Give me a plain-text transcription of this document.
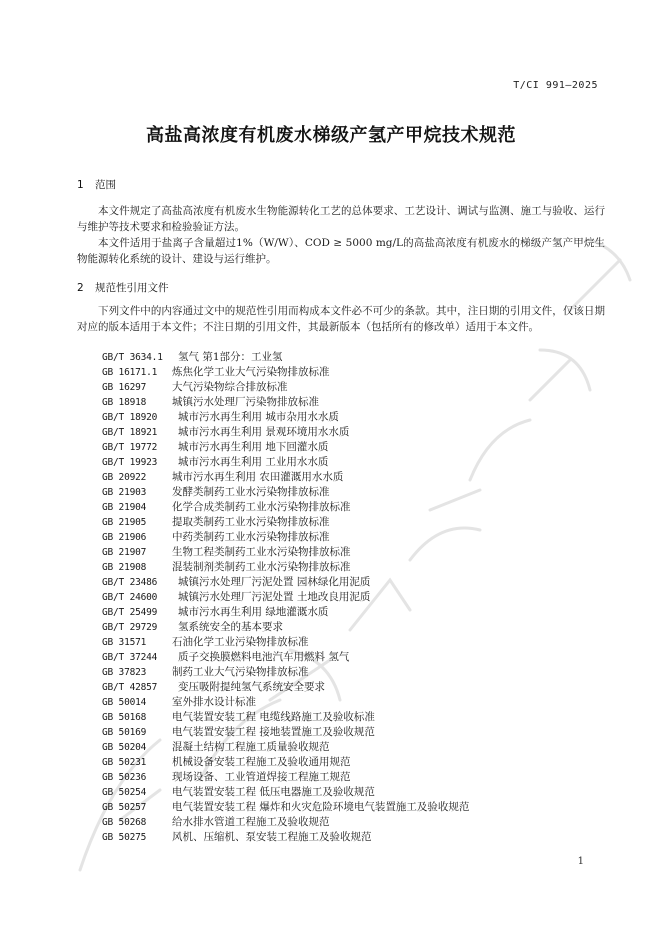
T/CI 991—2025
高盐高浓度有机废水梯级产氢产甲烷技术规范
1 范围

本文件规定了高盐高浓度有机废水生物能源转化工艺的总体要求、工艺设计、调试与监测、施工与验收、运行与维护等技术要求和检验验证方法。

本文件适用于盐离子含量超过1%（W/W）、COD ≥ 5000 mg/L的高盐高浓度有机废水的梯级产氢产甲烷生物能源转化系统的设计、建设与运行维护。

2 规范性引用文件

下列文件中的内容通过文中的规范性引用而构成本文件必不可少的条款。其中，注日期的引用文件，仅该日期对应的版本适用于本文件；不注日期的引用文件，其最新版本（包括所有的修改单）适用于本文件。

GB/T 3634.1 氢气 第1部分：工业氢
GB 16171.1 炼焦化学工业大气污染物排放标准
GB 16297 大气污染物综合排放标准
GB 18918 城镇污水处理厂污染物排放标准
GB/T 18920 城市污水再生利用 城市杂用水水质
GB/T 18921 城市污水再生利用 景观环境用水水质
GB/T 19772 城市污水再生利用 地下回灌水质
GB/T 19923 城市污水再生利用 工业用水水质
GB 20922 城市污水再生利用 农田灌溉用水水质
GB 21903 发酵类制药工业水污染物排放标准
GB 21904 化学合成类制药工业水污染物排放标准
GB 21905 提取类制药工业水污染物排放标准
GB 21906 中药类制药工业水污染物排放标准
GB 21907 生物工程类制药工业水污染物排放标准
GB 21908 混装制剂类制药工业水污染物排放标准
GB/T 23486 城镇污水处理厂污泥处置 园林绿化用泥质
GB/T 24600 城镇污水处理厂污泥处置 土地改良用泥质
GB/T 25499 城市污水再生利用 绿地灌溉水质
GB/T 29729 氢系统安全的基本要求
GB 31571 石油化学工业污染物排放标准
GB/T 37244 质子交换膜燃料电池汽车用燃料 氢气
GB 37823 制药工业大气污染物排放标准
GB/T 42857 变压吸附提纯氢气系统安全要求
GB 50014 室外排水设计标准
GB 50168 电气装置安装工程 电缆线路施工及验收标准
GB 50169 电气装置安装工程 接地装置施工及验收规范
GB 50204 混凝土结构工程施工质量验收规范
GB 50231 机械设备安装工程施工及验收通用规范
GB 50236 现场设备、工业管道焊接工程施工规范
GB 50254 电气装置安装工程 低压电器施工及验收规范
GB 50257 电气装置安装工程 爆炸和火灾危险环境电气装置施工及验收规范
GB 50268 给水排水管道工程施工及验收规范
GB 50275 风机、压缩机、泵安装工程施工及验收规范
1
